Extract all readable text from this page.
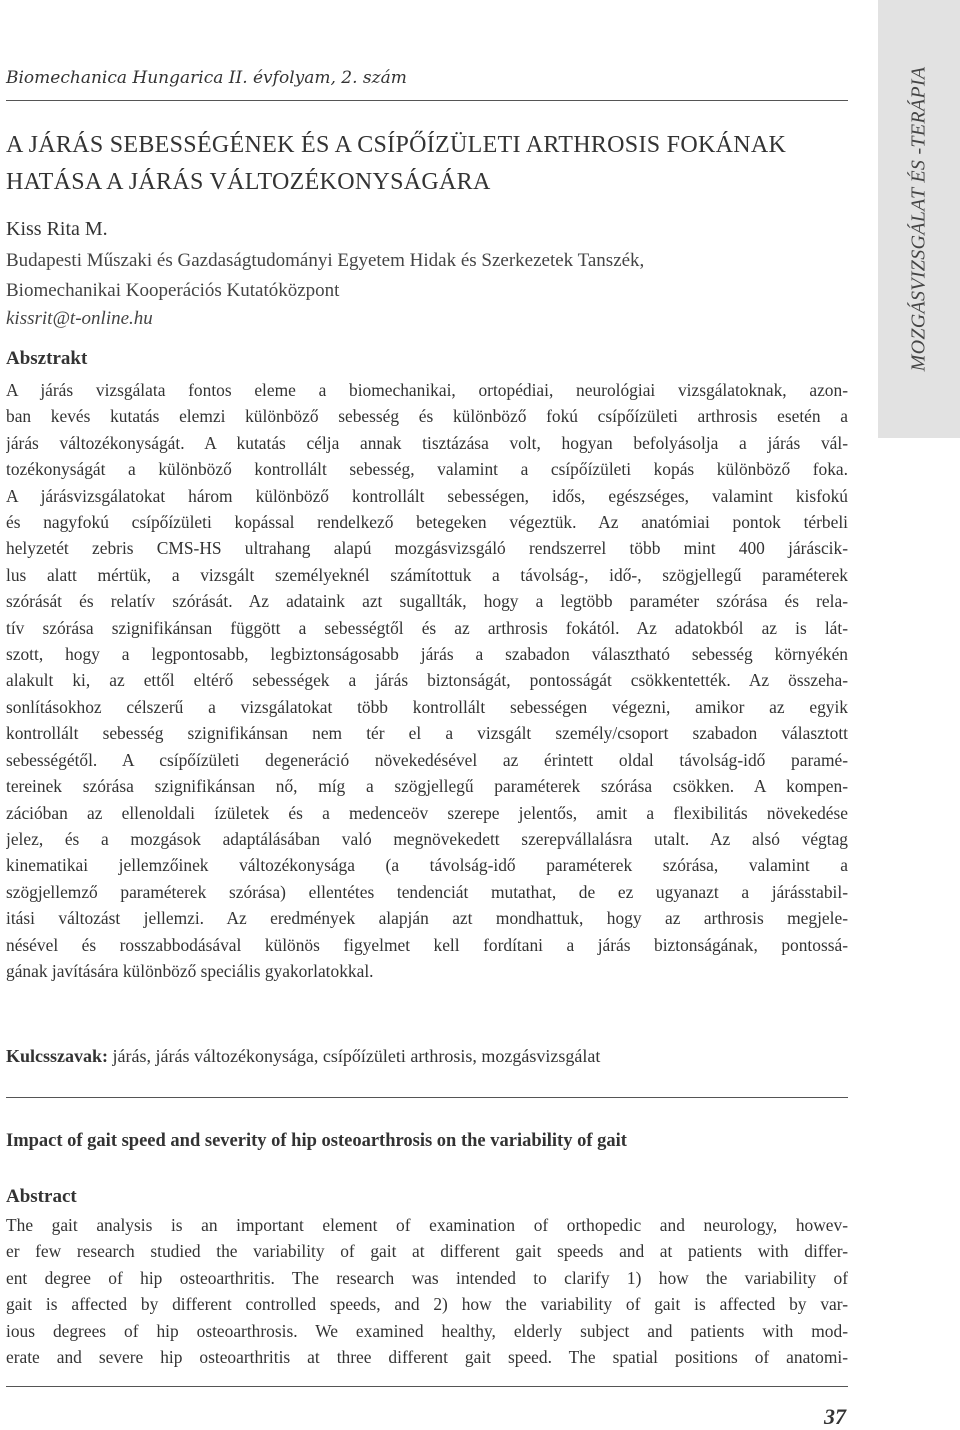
Biomechanica Hungarica II. évfolyam, 2. szám
A JÁRÁS SEBESSÉGÉNEK ÉS A CSÍPŐÍZÜLETI ARTHROSIS FOKÁNAK
HATÁSA A JÁRÁS VÁLTOZÉKONYSÁGÁRA
Kiss Rita M.
Budapesti Műszaki és Gazdaságtudományi Egyetem Hidak és Szerkezetek Tanszék,
Biomechanikai Kooperációs Kutatóközpont
kissrit@t-online.hu
Absztrakt
A járás vizsgálata fontos eleme a biomechanikai, ortopédiai, neurológiai vizsgálatoknak, azon-
ban kevés kutatás elemzi különböző sebesség és különböző fokú csípőízületi arthrosis esetén a
járás változékonyságát. A kutatás célja annak tisztázása volt, hogyan befolyásolja a járás vál-
tozékonyságát a különböző kontrollált sebesség, valamint a csípőízületi kopás különböző foka.
A járásvizsgálatokat három különböző kontrollált sebességen, idős, egészséges, valamint kisfokú
és nagyfokú csípőízületi kopással rendelkező betegeken végeztük. Az anatómiai pontok térbeli
helyzetét zebris CMS-HS ultrahang alapú mozgásvizsgáló rendszerrel több mint 400 járáscik-
lus alatt mértük, a vizsgált személyeknél számítottuk a távolság-, idő-, szögjellegű paraméterek
szórását és relatív szórását. Az adataink azt sugallták, hogy a legtöbb paraméter szórása és rela-
tív szórása szignifikánsan függött a sebességtől és az arthrosis fokától. Az adatokból az is lát-
szott, hogy a legpontosabb, legbiztonságosabb járás a szabadon választható sebesség környékén
alakult ki, az ettől eltérő sebességek a járás biztonságát, pontosságát csökkentették. Az összeha-
sonlításokhoz célszerű a vizsgálatokat több kontrollált sebességen végezni, amikor az egyik
kontrollált sebesség szignifikánsan nem tér el a vizsgált személy/csoport szabadon választott
sebességétől. A csípőízületi degeneráció növekedésével az érintett oldal távolság-idő paramé-
tereinek szórása szignifikánsan nő, míg a szögjellegű paraméterek szórása csökken. A kompen-
zációban az ellenoldali ízületek és a medenceöv szerepe jelentős, amit a flexibilitás növekedése
jelez, és a mozgások adaptálásában való megnövekedett szerepvállalásra utalt. Az alsó végtag
kinematikai jellemzőinek változékonysága (a távolság-idő paraméterek szórása, valamint a
szögjellemző paraméterek szórása) ellentétes tendenciát mutathat, de ez ugyanazt a járásstabil-
itási változást jellemzi. Az eredmények alapján azt mondhattuk, hogy az arthrosis megjele-
nésével és rosszabbodásával különös figyelmet kell fordítani a járás biztonságának, pontossá-
gának javítására különböző speciális gyakorlatokkal.
Kulcsszavak: járás, járás változékonysága, csípőízületi arthrosis, mozgásvizsgálat
Impact of gait speed and severity of hip osteoarthrosis on the variability of gait
Abstract
The gait analysis is an important element of examination of orthopedic and neurology, howev-
er few research studied the variability of gait at different gait speeds and at patients with differ-
ent degree of hip osteoarthritis. The research was intended to clarify 1) how the variability of
gait is affected by different controlled speeds, and 2) how the variability of gait is affected by var-
ious degrees of hip osteoarthrosis. We examined healthy, elderly subject and patients with mod-
erate and severe hip osteoarthritis at three different gait speed. The spatial positions of anatomi-
37
MOZGÁSVIZSGÁLAT ÉS -TERÁPIA
